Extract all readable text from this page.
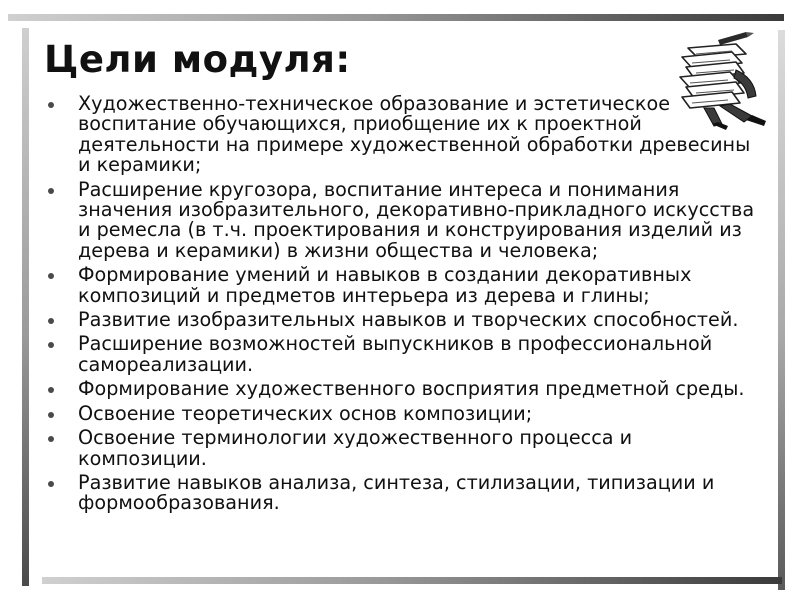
Цели модуля:
Художественно-техническое образование и эстетическое воспитание обучающихся, приобщение их к проектной деятельности на примере художественной обработки древесины и керамики;
Расширение кругозора, воспитание интереса и понимания значения изобразительного, декоративно-прикладного искусства и ремесла (в т.ч. проектирования и конструирования изделий из дерева и керамики) в жизни общества и человека;
Формирование умений и навыков в создании декоративных композиций и предметов интерьера из дерева и глины;
Развитие изобразительных навыков и творческих способностей.
Расширение возможностей выпускников в профессиональной самореализации.
Формирование художественного восприятия предметной среды.
Освоение теоретических основ композиции;
Освоение терминологии художественного процесса и композиции.
Развитие навыков анализа, синтеза, стилизации, типизации и формообразования.
